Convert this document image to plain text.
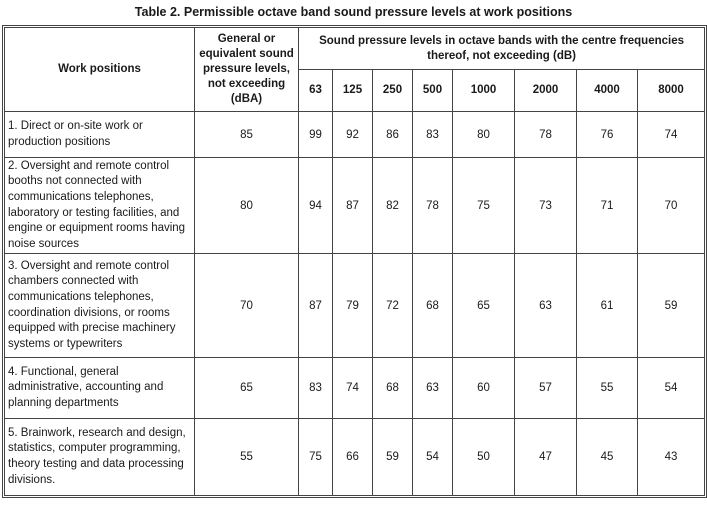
Table 2. Permissible octave band sound pressure levels at work positions
Work positions	General or equivalent sound pressure levels, not exceeding (dBA)	Sound pressure levels in octave bands with the centre frequencies thereof, not exceeding (dB)							
		63	125	250	500	1000	2000	4000	8000
1. Direct or on-site work or production positions	85	99	92	86	83	80	78	76	74
2. Oversight and remote control booths not connected with communications telephones, laboratory or testing facilities, and engine or equipment rooms having noise sources	80	94	87	82	78	75	73	71	70
3. Oversight and remote control chambers connected with communications telephones, coordination divisions, or rooms equipped with precise machinery systems or typewriters	70	87	79	72	68	65	63	61	59
4. Functional, general administrative, accounting and planning departments	65	83	74	68	63	60	57	55	54
5. Brainwork, research and design, statistics, computer programming, theory testing and data processing divisions.	55	75	66	59	54	50	47	45	43
